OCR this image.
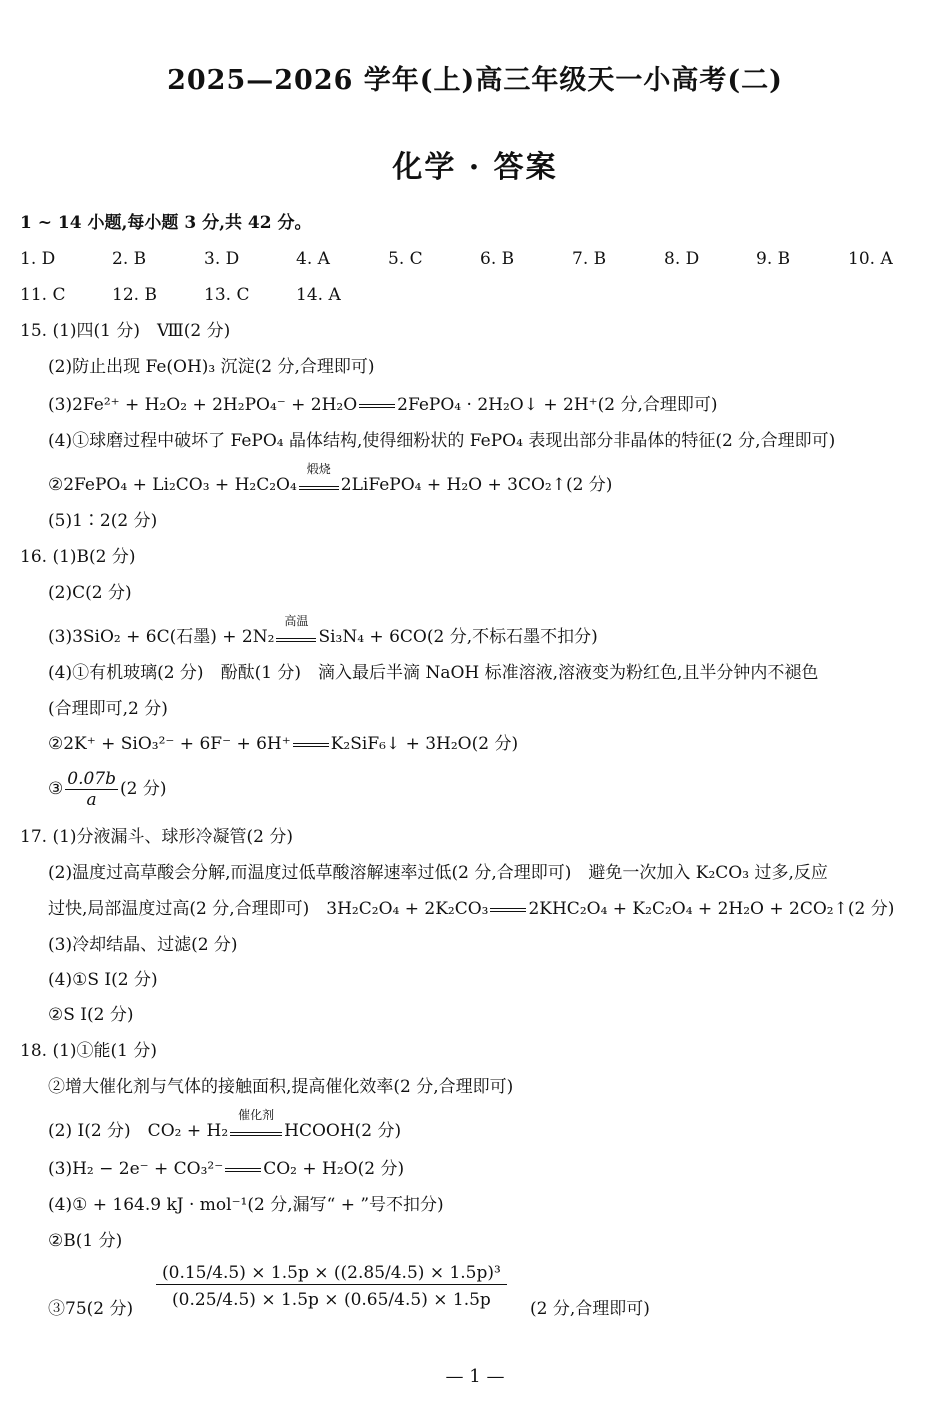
2025—2026 学年(上)高三年级天一小高考(二)
化学 · 答案
1 ~ 14 小题,每小题 3 分,共 42 分。
1. D	2. B	3. D	4. A	5. C	6. B	7. B	8. D	9. B	10. A
11. C	12. B	13. C	14. A
15. (1)四(1 分)　Ⅷ(2 分)
(2)防止出现 Fe(OH)₃ 沉淀(2 分,合理即可)
(3)2Fe²⁺ + H₂O₂ + 2H₂PO₄⁻ + 2H₂O 2FePO₄ · 2H₂O↓ + 2H⁺(2 分,合理即可)
(4)①球磨过程中破坏了 FePO₄ 晶体结构,使得细粉状的 FePO₄ 表现出部分非晶体的特征(2 分,合理即可)
②2FePO₄ + Li₂CO₃ + H₂C₂O₄
煅烧
2LiFePO₄ + H₂O + 3CO₂↑(2 分)
(5)1∶2(2 分)
16. (1)B(2 分)
(2)C(2 分)
(3)3SiO₂ + 6C(石墨) + 2N₂
高温
Si₃N₄ + 6CO(2 分,不标石墨不扣分)
(4)①有机玻璃(2 分)　酚酞(1 分)　滴入最后半滴 NaOH 标准溶液,溶液变为粉红色,且半分钟内不褪色
(合理即可,2 分)
②2K⁺ + SiO₃²⁻ + 6F⁻ + 6H⁺ K₂SiF₆↓ + 3H₂O(2 分)
③ $\frac{0.07b}{a} (2$ 分)
17. (1)分液漏斗、球形冷凝管(2 分)
(2)温度过高草酸会分解,而温度过低草酸溶解速率过低(2 分,合理即可)　避免一次加入 K₂CO₃ 过多,反应
过快,局部温度过高(2 分,合理即可)　3H₂C₂O₄ + 2K₂CO₃ 2KHC₂O₄ + K₂C₂O₄ + 2H₂O + 2CO₂↑(2 分)
(3)冷却结晶、过滤(2 分)
(4)①S Ⅰ(2 分)
②S Ⅰ(2 分)
18. (1)①能(1 分)
②增大催化剂与气体的接触面积,提高催化效率(2 分,合理即可)
(2) Ⅰ(2 分)　CO₂ + H₂
催化剂
HCOOH(2 分)
(3)H₂ − 2e⁻ + CO₃²⁻ CO₂ + H₂O(2 分)
(4)① + 164.9 kJ · mol⁻¹(2 分,漏写“ + ”号不扣分)
②B(1 分)
③75(2 分) $\frac{\text{(0.15/4.5) × 1.5p × ((2.85/4.5) × 1.5p)³}}{(0.25/4.5) \times 1.5p \times (0.65/4.5) \times 1.5p} (2$ 分,合理即可)
— 1 —
